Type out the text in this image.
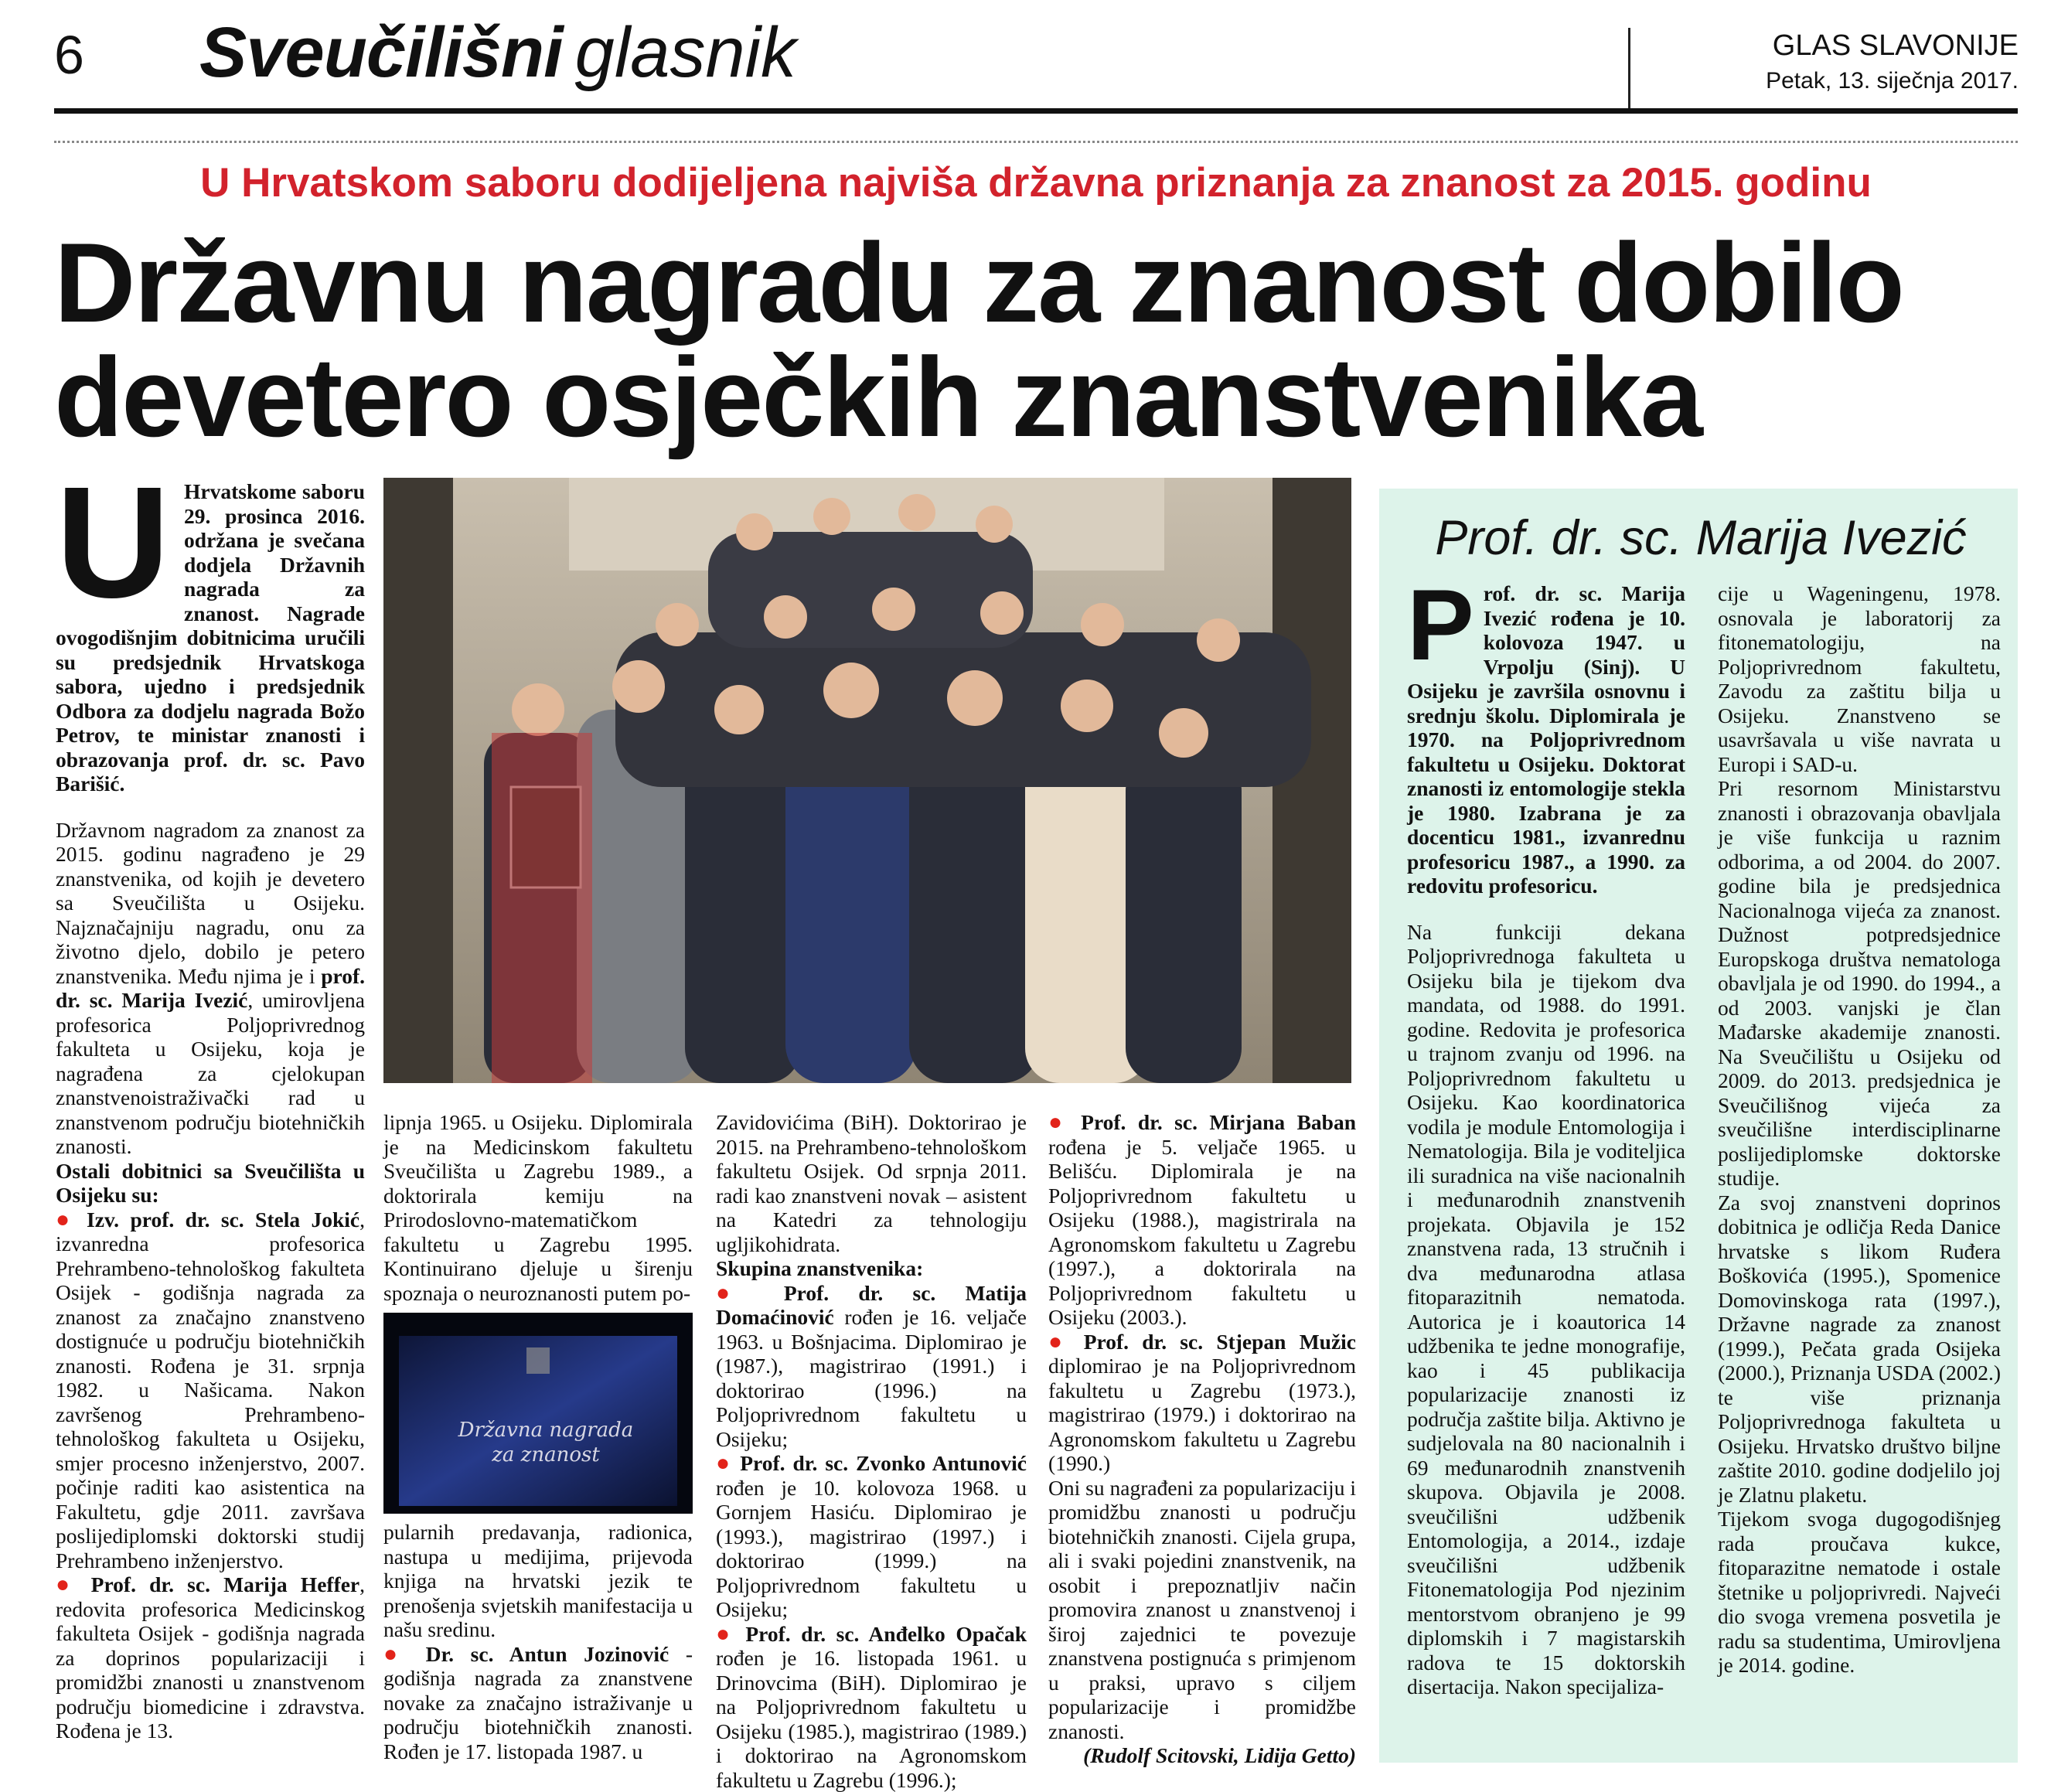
6 Sveučilišni glasnik	GLAS SLAVONIJE
Petak, 13. siječnja 2017.
U Hrvatskom saboru dodijeljena najviša državna priznanja za znanost za 2015. godinu
Državnu nagradu za znanost dobilo
devetero osječkih znanstvenika
U Hrvatskome saboru 29. prosinca 2016. održana je svečana dodjela Državnih nagrada za znanost. Nagrade ovogodišnjim dobitnicima uručili su predsjednik Hrvatskoga sabora, ujedno i predsjednik Odbora za dodjelu nagrada Božo Petrov, te ministar znanosti i obrazovanja prof. dr. sc. Pavo Barišić.

Državnom nagradom za znanost za 2015. godinu nagrađeno je 29 znanstvenika, od kojih je devetero sa Sveučilišta u Osijeku. Najznačajniju nagradu, onu za životno djelo, dobilo je petero znanstvenika. Među njima je i prof. dr. sc. Marija Ivezić, umirovljena profesorica Poljoprivrednog fakulteta u Osijeku, koja je nagrađena za cjelokupan znanstvenoistraživački rad u znanstvenom području biotehničkih znanosti.

Ostali dobitnici sa Sveučilišta u Osijeku su:

● Izv. prof. dr. sc. Stela Jokić, izvanredna profesorica Prehrambeno-tehnološkog fakulteta Osijek - godišnja nagrada za znanost za značajno znanstveno dostignuće u području biotehničkih znanosti. Rođena je 31. srpnja 1982. u Našicama. Nakon završenog Prehrambeno-tehnološkog fakulteta u Osijeku, smjer procesno inženjerstvo, 2007. počinje raditi kao asistentica na Fakultetu, gdje 2011. završava poslijediplomski doktorski studij Prehrambeno inženjerstvo.

● Prof. dr. sc. Marija Heffer, redovita profesorica Medicinskog fakulteta Osijek - godišnja nagrada za doprinos popularizaciji i promidžbi znanosti u znanstvenom području biomedicine i zdravstva. Rođena je 13.

lipnja 1965. u Osijeku. Diplomirala je na Medicinskom fakultetu Sveučilišta u Zagrebu 1989., a doktorirala kemiju na Prirodoslovno-matematičkom fakultetu u Zagrebu 1995. Kontinuirano djeluje u širenju spoznaja o neuroznanosti putem po-

Državna nagrada
za znanost

pularnih predavanja, radionica, nastupa u medijima, prijevoda knjiga na hrvatski jezik te prenošenja svjetskih manifestacija u našu sredinu.

● Dr. sc. Antun Jozinović - godišnja nagrada za znanstvene novake za značajno istraživanje u području biotehničkih znanosti. Rođen je 17. listopada 1987. u

Zavidovićima (BiH). Doktorirao je 2015. na Prehrambeno-tehnološkom fakultetu Osijek. Od srpnja 2011. radi kao znanstveni novak – asistent na Katedri za tehnologiju ugljikohidrata.

Skupina znanstvenika:

● Prof. dr. sc. Matija Domaćinović rođen je 16. veljače 1963. u Bošnjacima. Diplomirao je (1987.), magistrirao (1991.) i doktorirao (1996.) na Poljoprivrednom fakultetu u Osijeku;

● Prof. dr. sc. Zvonko Antunović rođen je 10. kolovoza 1968. u Gornjem Hasiću. Diplomirao je (1993.), magistrirao (1997.) i doktorirao (1999.) na Poljoprivrednom fakultetu u Osijeku;

● Prof. dr. sc. Anđelko Opačak rođen je 16. listopada 1961. u Drinovcima (BiH). Diplomirao je na Poljoprivrednom fakultetu u Osijeku (1985.), magistrirao (1989.) i doktorirao na Agronomskom fakultetu u Zagrebu (1996.);

● Prof. dr. sc. Mirjana Baban rođena je 5. veljače 1965. u Belišću. Diplomirala je na Poljoprivrednom fakultetu u Osijeku (1988.), magistrirala na Agronomskom fakultetu u Zagrebu (1997.), a doktorirala na Poljoprivrednom fakultetu u Osijeku (2003.).

● Prof. dr. sc. Stjepan Mužic diplomirao je na Poljoprivrednom fakultetu u Zagrebu (1973.), magistrirao (1979.) i doktorirao na Agronomskom fakultetu u Zagrebu (1990.)

Oni su nagrađeni za popularizaciju i promidžbu znanosti u području biotehničkih znanosti. Cijela grupa, ali i svaki pojedini znanstvenik, na osobit i prepoznatljiv način promovira znanost u znanstvenoj i široj zajednici te povezuje znanstvena postignuća s primjenom u praksi, upravo s ciljem popularizacije i promidžbe znanosti.

(Rudolf Scitovski, Lidija Getto)

Prof. dr. sc. Marija Ivezić
P rof. dr. sc. Marija Ivezić rođena je 10. kolovoza 1947. u Vrpolju (Sinj). U Osijeku je završila osnovnu i srednju školu. Diplomirala je 1970. na Poljoprivrednom fakultetu u Osijeku. Doktorat znanosti iz entomologije stekla je 1980. Izabrana je za docenticu 1981., izvanrednu profesoricu 1987., a 1990. za redovitu profesoricu.

Na funkciji dekana Poljoprivrednoga fakulteta u Osijeku bila je tijekom dva mandata, od 1988. do 1991. godine. Redovita je profesorica u trajnom zvanju od 1996. na Poljoprivrednom fakultetu u Osijeku. Kao koordinatorica vodila je module Entomologija i Nematologija. Bila je voditeljica ili suradnica na više nacionalnih i međunarodnih znanstvenih projekata. Objavila je 152 znanstvena rada, 13 stručnih i dva međunarodna atlasa fitoparazitnih nematoda. Autorica je i koautorica 14 udžbenika te jedne monografije, kao i 45 publikacija popularizacije znanosti iz područja zaštite bilja. Aktivno je sudjelovala na 80 nacionalnih i 69 međunarodnih znanstvenih skupova. Objavila je 2008. sveučilišni udžbenik Entomologija, a 2014., izdaje sveučilišni udžbenik Fitonematologija Pod njezinim mentorstvom obranjeno je 99 diplomskih i 7 magistarskih radova te 15 doktorskih disertacija. Nakon specijaliza-

cije u Wageningenu, 1978. osnovala je laboratorij za fitonematologiju, na Poljoprivrednom fakultetu, Zavodu za zaštitu bilja u Osijeku. Znanstveno se usavršavala u više navrata u Europi i SAD-u.

Pri resornom Ministarstvu znanosti i obrazovanja obavljala je više funkcija u raznim odborima, a od 2004. do 2007. godine bila je predsjednica Nacionalnoga vijeća za znanost. Dužnost potpredsjednice Europskoga društva nematologa obavljala je od 1990. do 1994., a od 2003. vanjski je član Mađarske akademije znanosti. Na Sveučilištu u Osijeku od 2009. do 2013. predsjednica je Sveučilišnog vijeća za sveučilišne interdisciplinarne poslijediplomske doktorske studije.

Za svoj znanstveni doprinos dobitnica je odličja Reda Danice hrvatske s likom Ruđera Boškovića (1995.), Spomenice Domovinskoga rata (1997.), Državne nagrade za znanost (1999.), Pečata grada Osijeka (2000.), Priznanja USDA (2002.) te više priznanja Poljoprivrednoga fakulteta u Osijeku. Hrvatsko društvo biljne zaštite 2010. godine dodjelilo joj je Zlatnu plaketu.

Tijekom svoga dugogodišnjeg rada proučava kukce, fitoparazitne nematode i ostale štetnike u poljoprivredi. Najveći dio svoga vremena posvetila je radu sa studentima, Umirovljena je 2014. godine.
